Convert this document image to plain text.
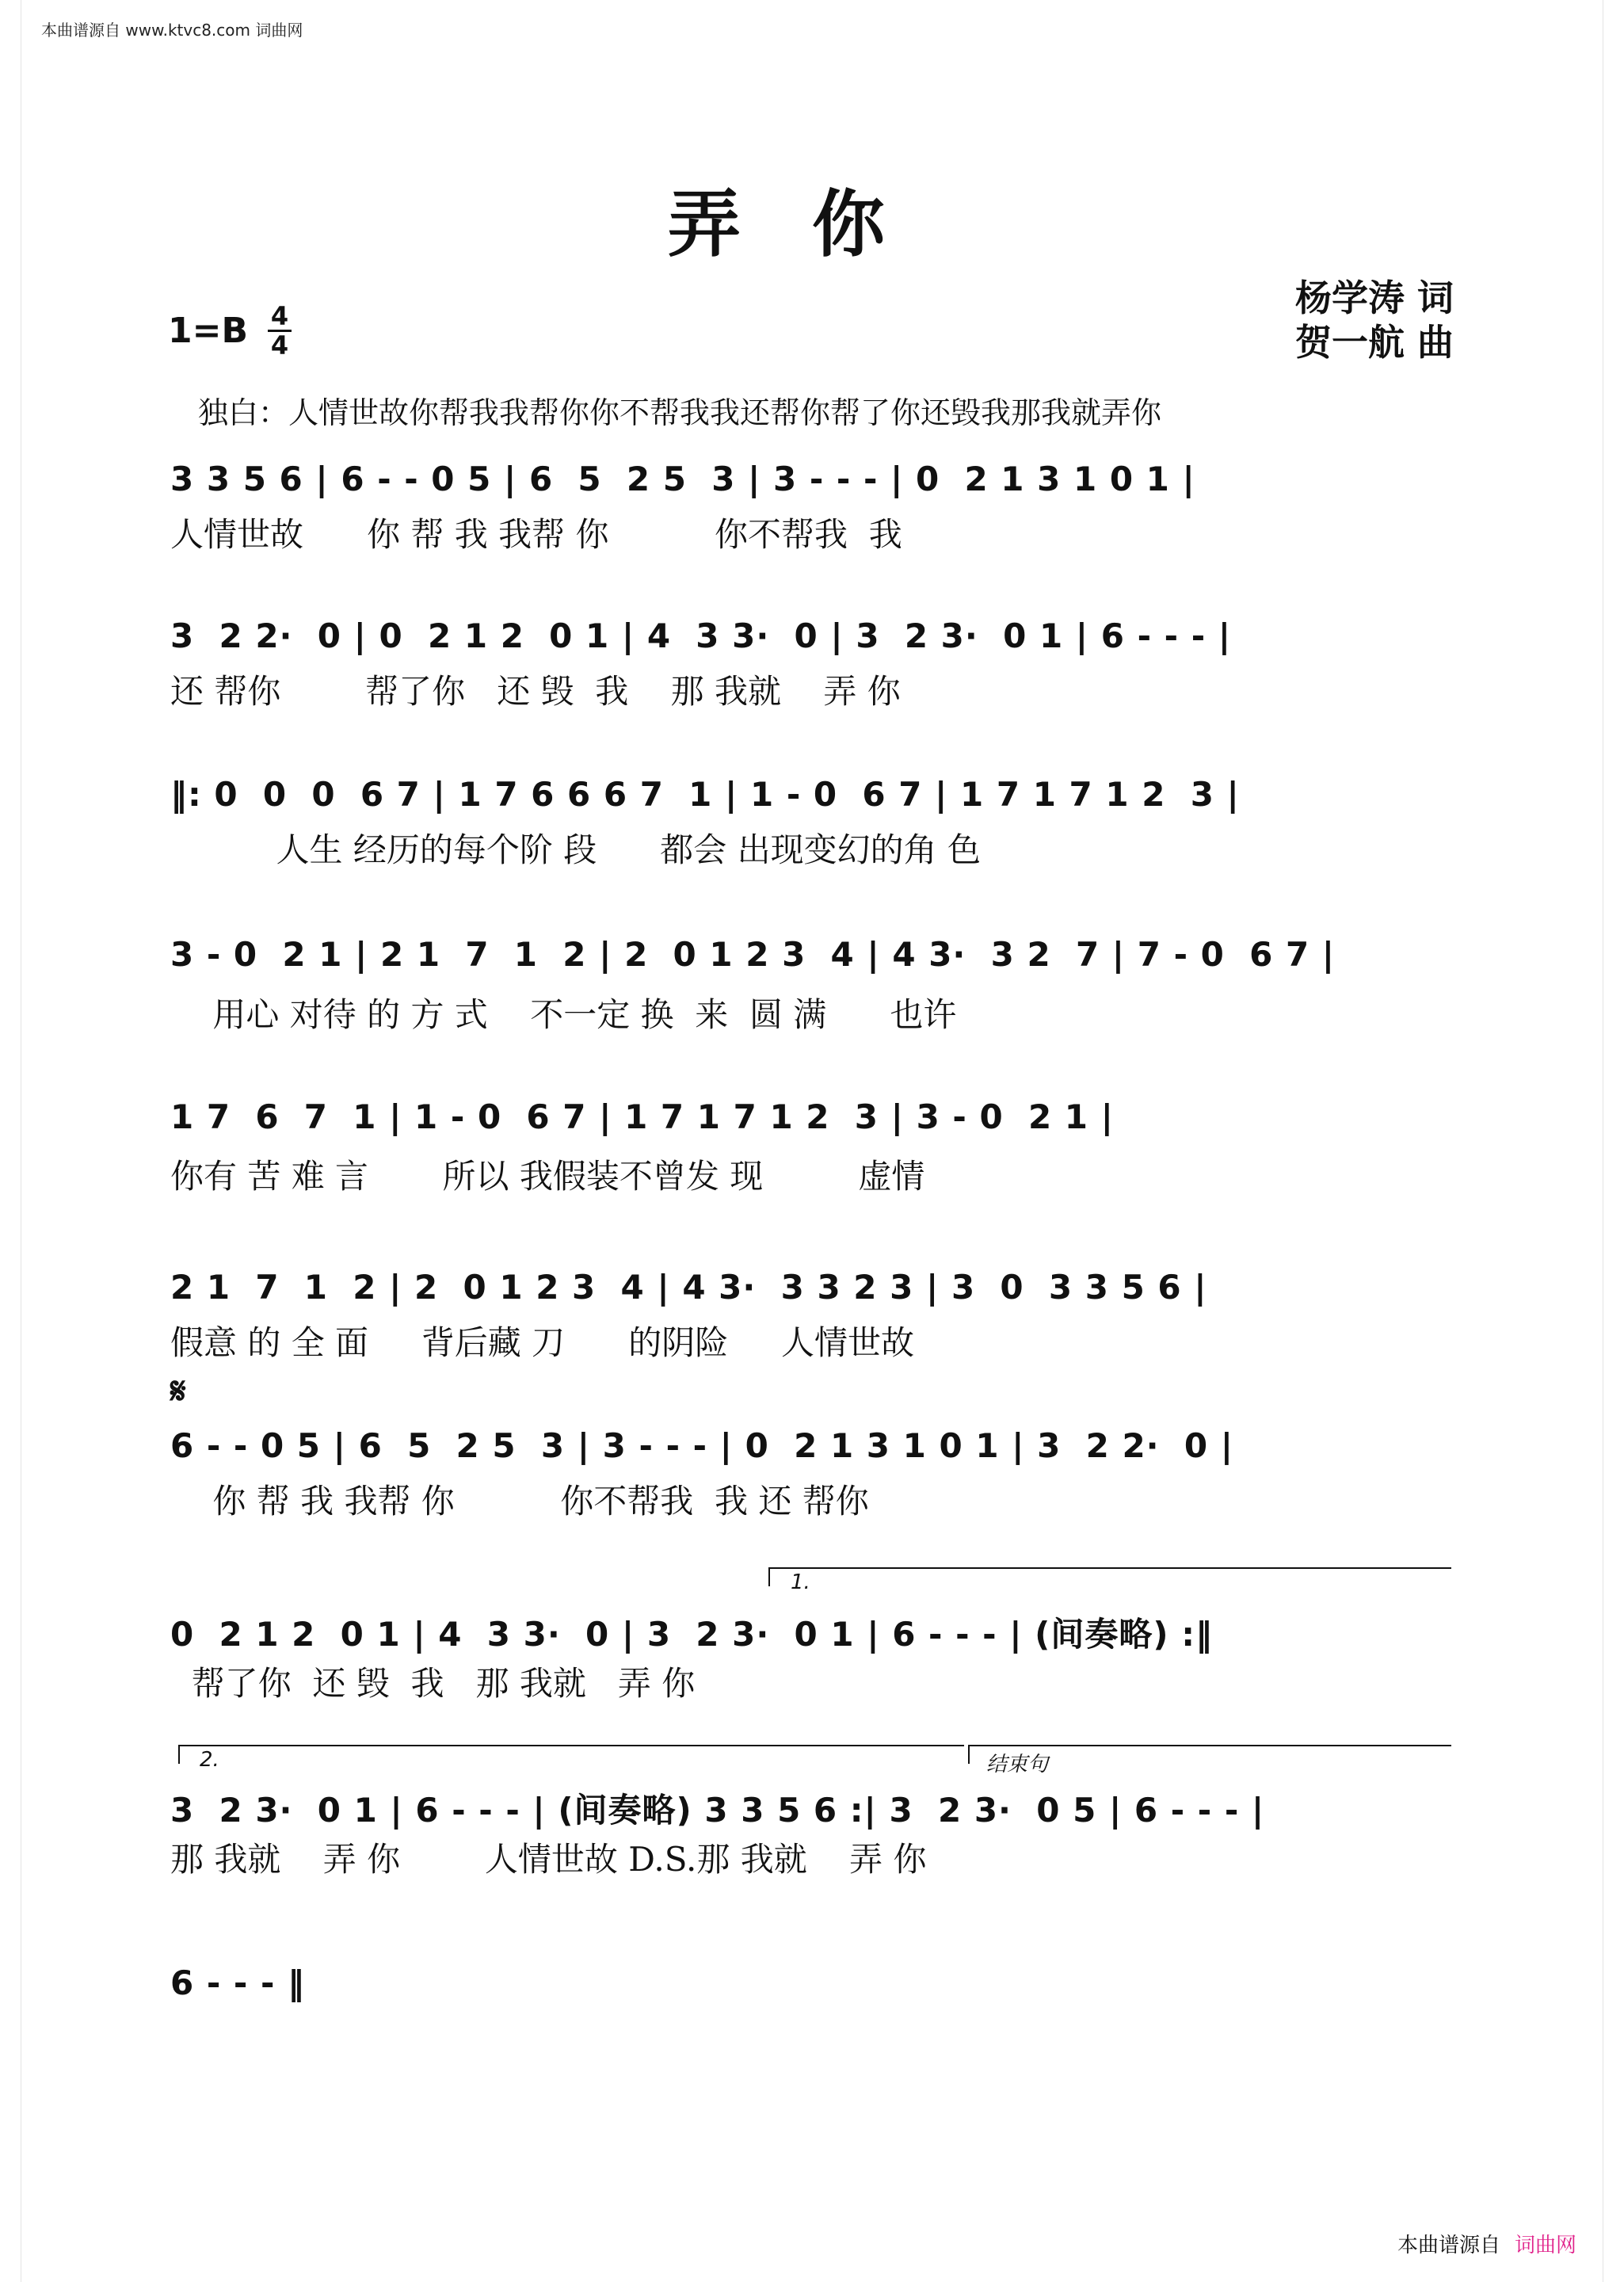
本曲谱源自 www.ktvc8.com 词曲网
弄你
杨学涛 词
贺一航 曲
1=B 4
4
独白：人情世故你帮我我帮你你不帮我我还帮你帮了你还毁我那我就弄你
3 3 5 6 | 6 - - 0 5 | 6  5  2 5  3 | 3 - - - | 0  2 1 3 1 0 1 |
人情世故      你 帮 我 我帮 你          你不帮我  我
3  2 2·  0 | 0  2 1 2  0 1 | 4  3 3·  0 | 3  2 3·  0 1 | 6 - - - |
还 帮你        帮了你   还 毁  我    那 我就    弄 你
‖: 0  0  0  6 7 | 1 7 6 6 6 7  1 | 1 - 0  6 7 | 1 7 1 7 1 2  3 |
人生 经历的每个阶 段      都会 出现变幻的角 色
3 - 0  2 1 | 2 1  7  1  2 | 2  0 1 2 3  4 | 4 3·  3 2  7 | 7 - 0  6 7 |
用心 对待 的 方 式    不一定 换  来  圆 满      也许
1 7  6  7  1 | 1 - 0  6 7 | 1 7 1 7 1 2  3 | 3 - 0  2 1 |
你有 苦 难 言       所以 我假装不曾发 现         虚情
2 1  7  1  2 | 2  0 1 2 3  4 | 4 3·  3 3 2 3 | 3  0  3 3 5 6 |
假意 的 全 面     背后藏 刀      的阴险     人情世故
𝄋
6 - - 0 5 | 6  5  2 5  3 | 3 - - - | 0  2 1 3 1 0 1 | 3  2 2·  0 |
你 帮 我 我帮 你          你不帮我  我 还 帮你
1.
0  2 1 2  0 1 | 4  3 3·  0 | 3  2 3·  0 1 | 6 - - - | (间奏略) :‖
帮了你  还 毁  我   那 我就   弄 你
2.	结束句
3  2 3·  0 1 | 6 - - - | (间奏略) 3 3 5 6 :| 3  2 3·  0 5 | 6 - - - |
那 我就    弄 你        人情世故 D.S.那 我就    弄 你
6 - - - ‖
本曲谱源自 词曲网
